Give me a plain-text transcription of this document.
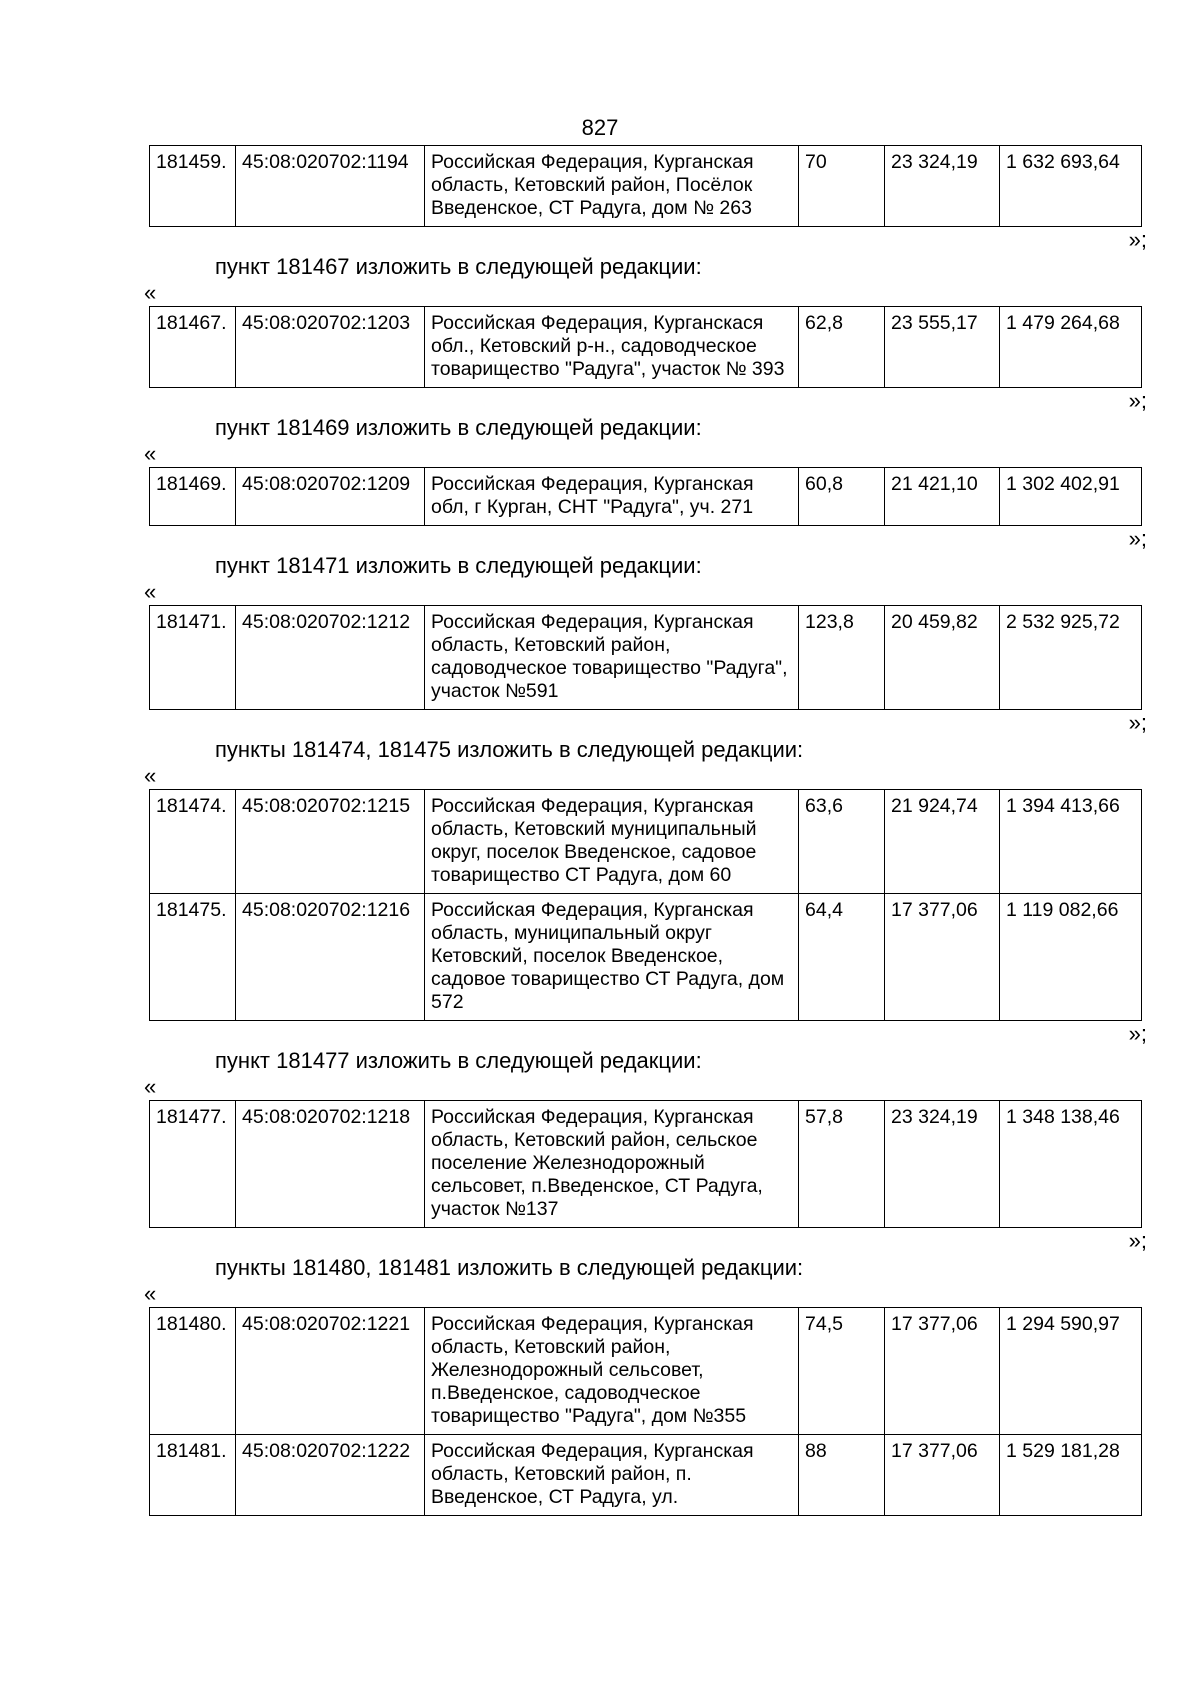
827
181459.	45:08:020702:1194	Российская Федерация, Курганская область, Кетовский район, Посёлок Введенское, СТ Радуга, дом № 263	70	23 324,19	1 632 693,64
»;
пункт 181467 изложить в следующей редакции:
«
181467.	45:08:020702:1203	Российская Федерация, Курганскася обл., Кетовский р-н., садоводческое товарищество "Радуга", участок № 393	62,8	23 555,17	1 479 264,68
»;
пункт 181469 изложить в следующей редакции:
«
181469.	45:08:020702:1209	Российская Федерация, Курганская обл, г Курган, СНТ "Радуга", уч. 271	60,8	21 421,10	1 302 402,91
»;
пункт 181471 изложить в следующей редакции:
«
181471.	45:08:020702:1212	Российская Федерация, Курганская область, Кетовский район, садоводческое товарищество "Радуга", участок №591	123,8	20 459,82	2 532 925,72
»;
пункты 181474, 181475 изложить в следующей редакции:
«
181474.	45:08:020702:1215	Российская Федерация, Курганская область, Кетовский муниципальный округ, поселок Введенское, садовое товарищество СТ Радуга, дом 60	63,6	21 924,74	1 394 413,66
181475.	45:08:020702:1216	Российская Федерация, Курганская область, муниципальный округ Кетовский, поселок Введенское, садовое товарищество СТ Радуга, дом 572	64,4	17 377,06	1 119 082,66
»;
пункт 181477 изложить в следующей редакции:
«
181477.	45:08:020702:1218	Российская Федерация, Курганская область, Кетовский район, сельское поселение Железнодорожный сельсовет, п.Введенское, СТ Радуга, участок №137	57,8	23 324,19	1 348 138,46
»;
пункты 181480, 181481 изложить в следующей редакции:
«
181480.	45:08:020702:1221	Российская Федерация, Курганская область, Кетовский район, Железнодорожный сельсовет, п.Введенское, садоводческое товарищество "Радуга", дом №355	74,5	17 377,06	1 294 590,97
181481.	45:08:020702:1222	Российская Федерация, Курганская область, Кетовский район, п. Введенское, СТ Радуга, ул.	88	17 377,06	1 529 181,28
